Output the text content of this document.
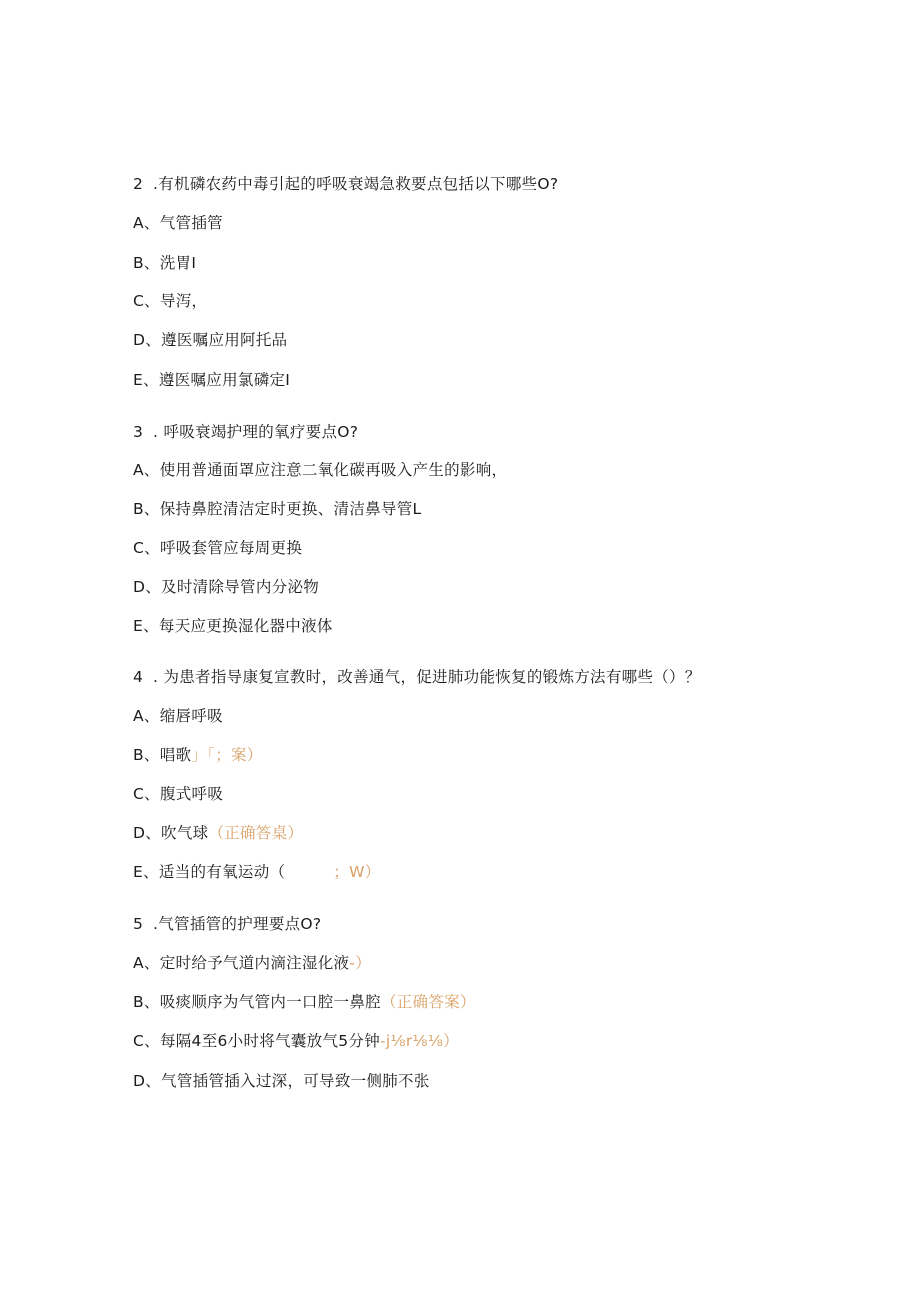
2 .有机磷农药中毒引起的呼吸衰竭急救要点包括以下哪些O?
A、气管插管
B、洗胃I
C、导泻，
D、遵医嘱应用阿托品
E、遵医嘱应用氯磷定I
3 . 呼吸衰竭护理的氧疗要点O?
A、使用普通面罩应注意二氧化碳再吸入产生的影响，
B、保持鼻腔清洁定时更换、清洁鼻导管L
C、呼吸套管应每周更换
D、及时清除导管内分泌物
E、每天应更换湿化器中液体
4 . 为患者指导康复宣教时，改善通气，促进肺功能恢复的锻炼方法有哪些（）？
A、缩唇呼吸
B、唱歌」「；案）
C、腹式呼吸
D、吹气球（正确答桌）
E、适当的有氧运动（	；W）
5 .气管插管的护理要点O?
A、定时给予气道内滴注湿化液-）
B、吸痰顺序为气管内一口腔一鼻腔（正确答案）
C、每隔4至6小时将气囊放气5分钟-j⅛r⅛⅛）
D、气管插管插入过深，可导致一侧肺不张
